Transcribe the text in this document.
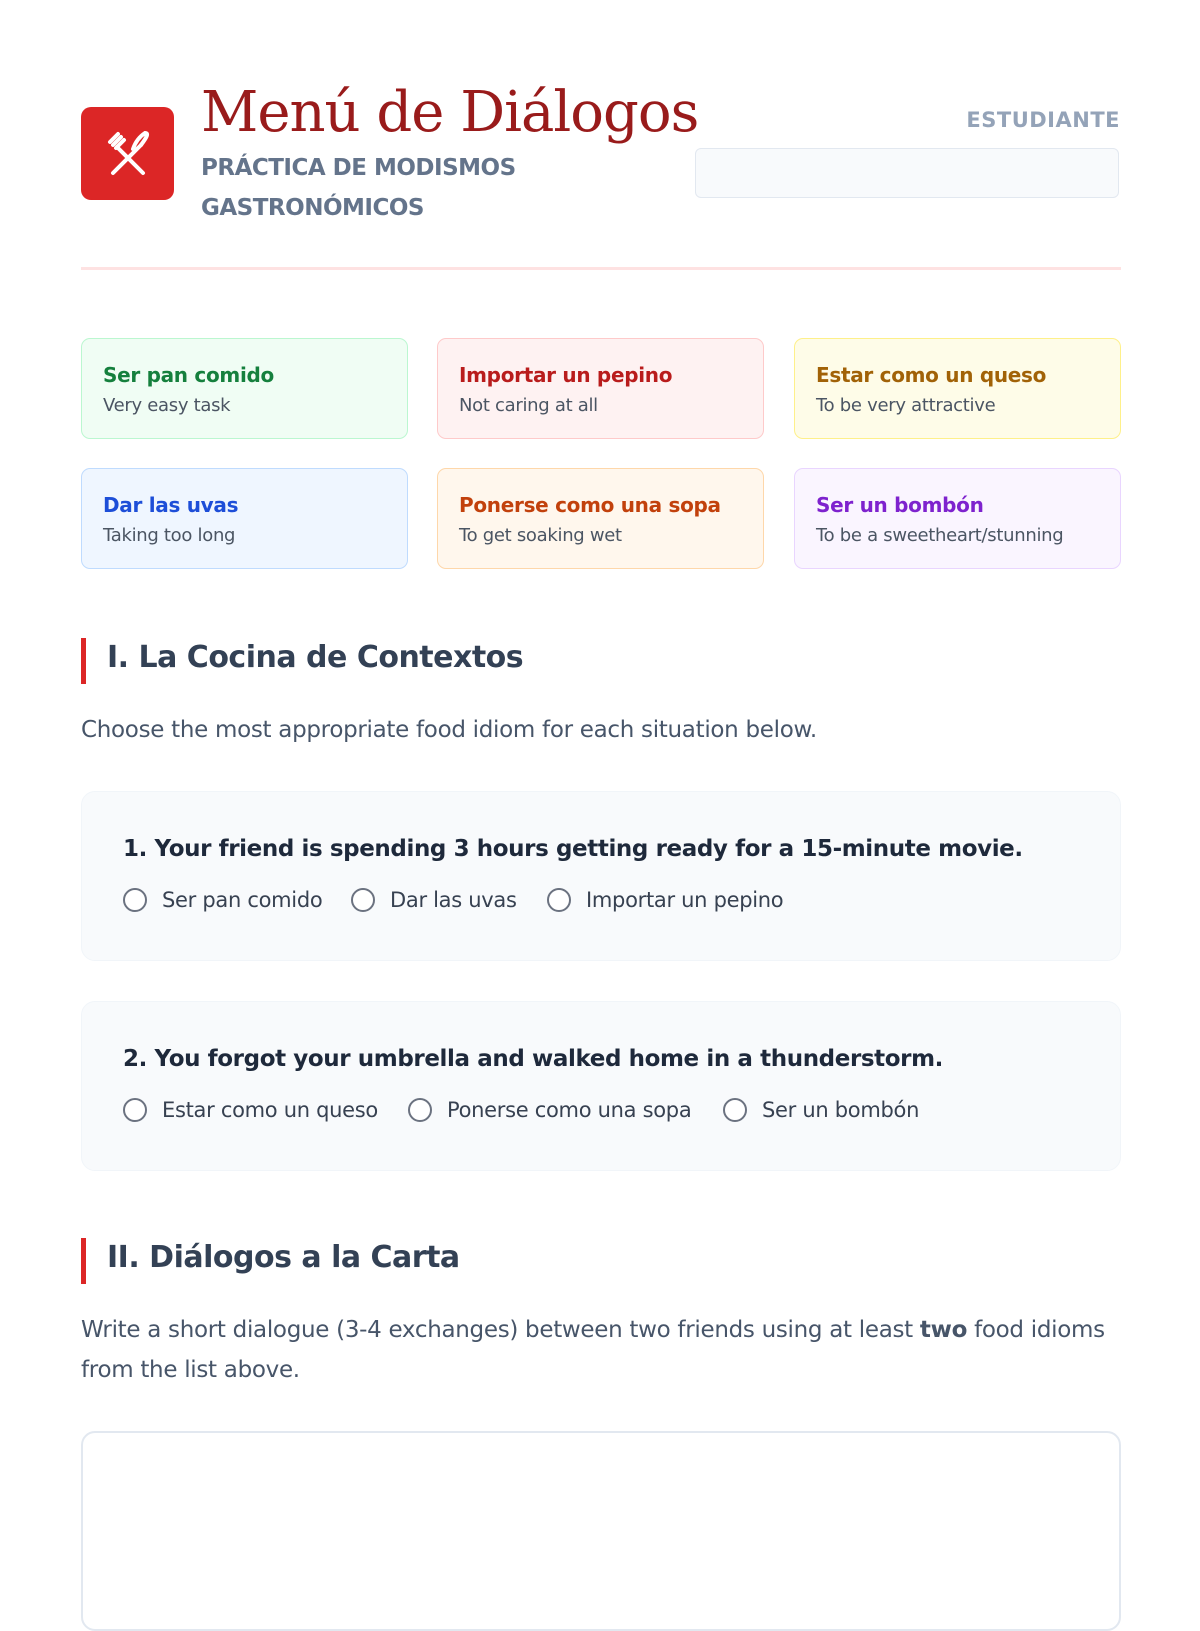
Menú de Diálogos
PRÁCTICA DE MODISMOS GASTRONÓMICOS
ESTUDIANTE
Ser pan comido
Very easy task
Importar un pepino
Not caring at all
Estar como un queso
To be very attractive
Dar las uvas
Taking too long
Ponerse como una sopa
To get soaking wet
Ser un bombón
To be a sweetheart/stunning
I. La Cocina de Contextos
Choose the most appropriate food idiom for each situation below.
1. Your friend is spending 3 hours getting ready for a 15-minute movie.
Ser pan comido	Dar las uvas	Importar un pepino
2. You forgot your umbrella and walked home in a thunderstorm.
Estar como un queso	Ponerse como una sopa	Ser un bombón
II. Diálogos a la Carta
Write a short dialogue (3-4 exchanges) between two friends using at least two food idioms from the list above.
